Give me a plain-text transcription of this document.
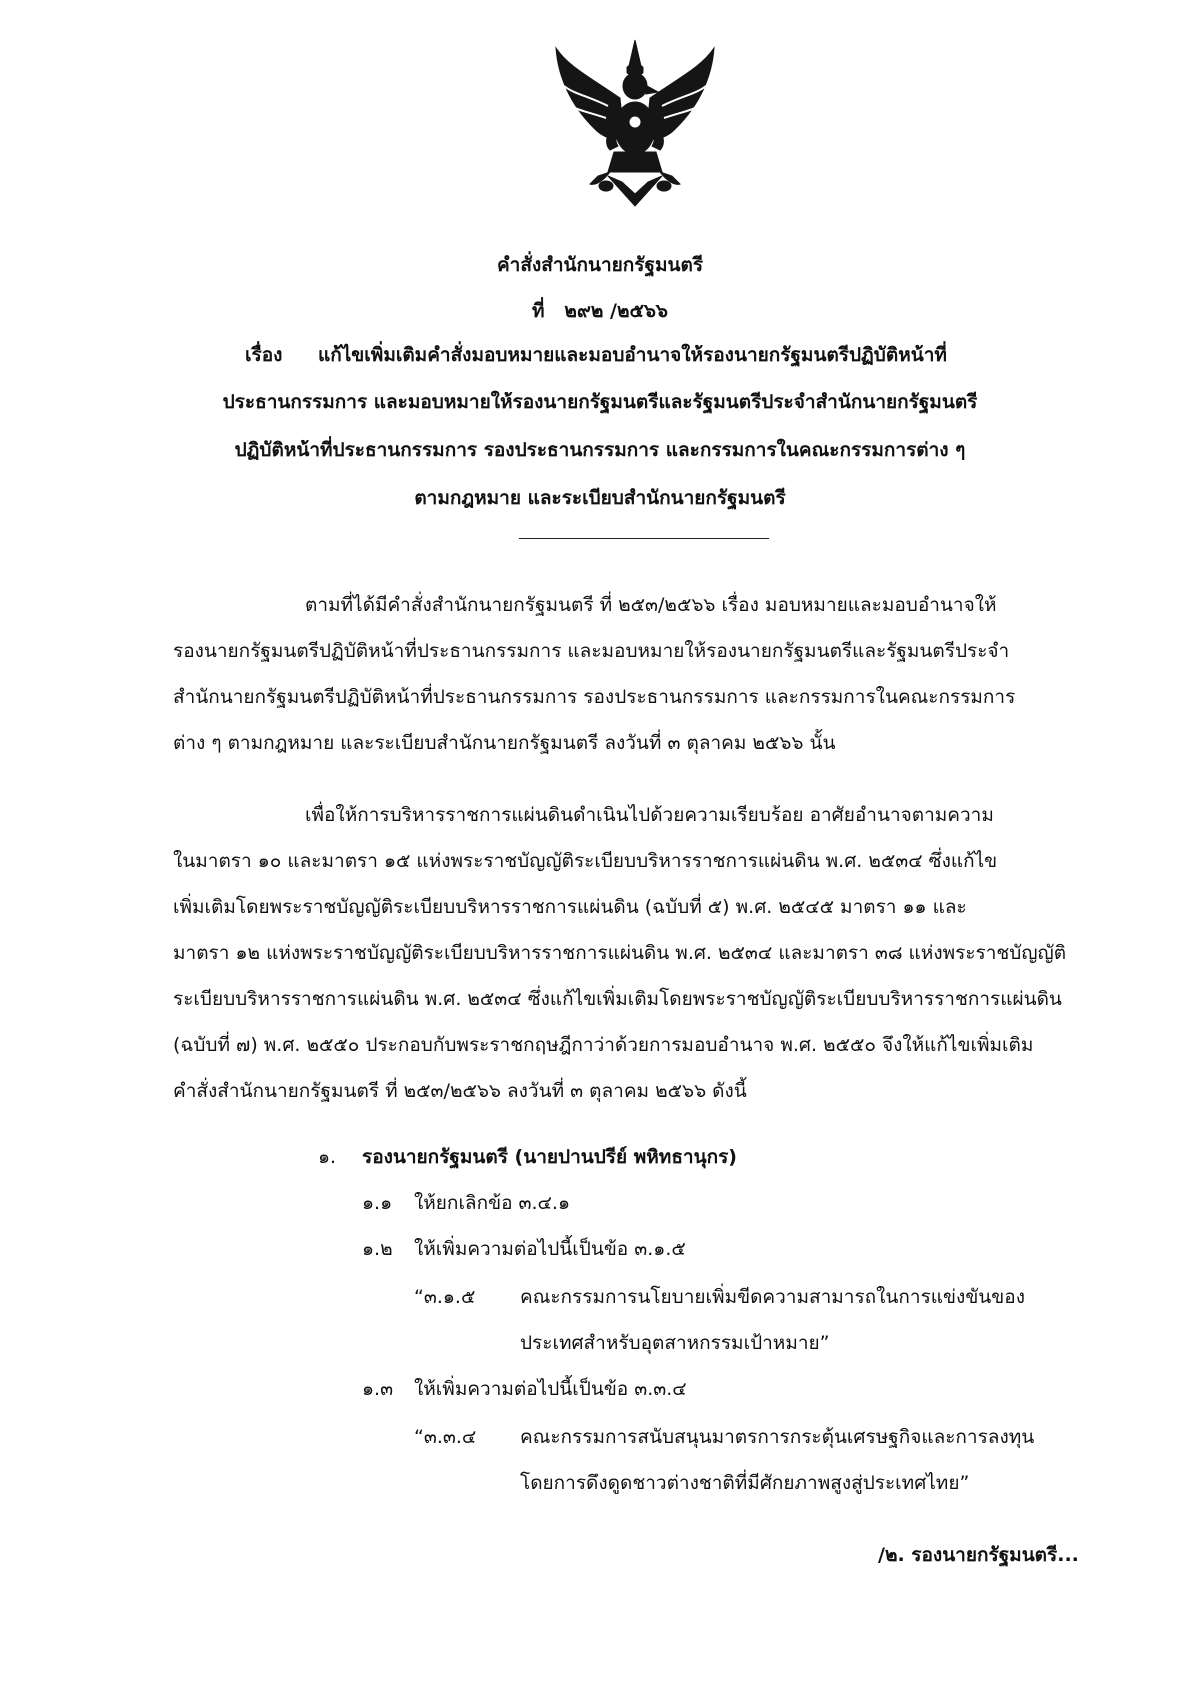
คำสั่งสำนักนายกรัฐมนตรี
ที่ ๒๙๒ /๒๕๖๖
เรื่อง แก้ไขเพิ่มเติมคำสั่งมอบหมายและมอบอำนาจให้รองนายกรัฐมนตรีปฏิบัติหน้าที่
ประธานกรรมการ และมอบหมายให้รองนายกรัฐมนตรีและรัฐมนตรีประจำสำนักนายกรัฐมนตรี
ปฏิบัติหน้าที่ประธานกรรมการ รองประธานกรรมการ และกรรมการในคณะกรรมการต่าง ๆ
ตามกฎหมาย และระเบียบสำนักนายกรัฐมนตรี
ตามที่ได้มีคำสั่งสำนักนายกรัฐมนตรี ที่ ๒๕๓/๒๕๖๖ เรื่อง มอบหมายและมอบอำนาจให้
รองนายกรัฐมนตรีปฏิบัติหน้าที่ประธานกรรมการ และมอบหมายให้รองนายกรัฐมนตรีและรัฐมนตรีประจำ
สำนักนายกรัฐมนตรีปฏิบัติหน้าที่ประธานกรรมการ รองประธานกรรมการ และกรรมการในคณะกรรมการ
ต่าง ๆ ตามกฎหมาย และระเบียบสำนักนายกรัฐมนตรี ลงวันที่ ๓ ตุลาคม ๒๕๖๖ นั้น
เพื่อให้การบริหารราชการแผ่นดินดำเนินไปด้วยความเรียบร้อย อาศัยอำนาจตามความ
ในมาตรา ๑๐ และมาตรา ๑๕ แห่งพระราชบัญญัติระเบียบบริหารราชการแผ่นดิน พ.ศ. ๒๕๓๔ ซึ่งแก้ไข
เพิ่มเติมโดยพระราชบัญญัติระเบียบบริหารราชการแผ่นดิน (ฉบับที่ ๕) พ.ศ. ๒๕๔๕ มาตรา ๑๑ และ
มาตรา ๑๒ แห่งพระราชบัญญัติระเบียบบริหารราชการแผ่นดิน พ.ศ. ๒๕๓๔ และมาตรา ๓๘ แห่งพระราชบัญญัติ
ระเบียบบริหารราชการแผ่นดิน พ.ศ. ๒๕๓๔ ซึ่งแก้ไขเพิ่มเติมโดยพระราชบัญญัติระเบียบบริหารราชการแผ่นดิน
(ฉบับที่ ๗) พ.ศ. ๒๕๕๐ ประกอบกับพระราชกฤษฎีกาว่าด้วยการมอบอำนาจ พ.ศ. ๒๕๕๐ จึงให้แก้ไขเพิ่มเติม
คำสั่งสำนักนายกรัฐมนตรี ที่ ๒๕๓/๒๕๖๖ ลงวันที่ ๓ ตุลาคม ๒๕๖๖ ดังนี้
๑. รองนายกรัฐมนตรี (นายปานปรีย์ พหิทธานุกร)
๑.๑ ให้ยกเลิกข้อ ๓.๔.๑
๑.๒ ให้เพิ่มความต่อไปนี้เป็นข้อ ๓.๑.๕
“๓.๑.๕ คณะกรรมการนโยบายเพิ่มขีดความสามารถในการแข่งขันของ
ประเทศสำหรับอุตสาหกรรมเป้าหมาย”
๑.๓ ให้เพิ่มความต่อไปนี้เป็นข้อ ๓.๓.๔
“๓.๓.๔ คณะกรรมการสนับสนุนมาตรการกระตุ้นเศรษฐกิจและการลงทุน
โดยการดึงดูดชาวต่างชาติที่มีศักยภาพสูงสู่ประเทศไทย”
/๒. รองนายกรัฐมนตรี...
